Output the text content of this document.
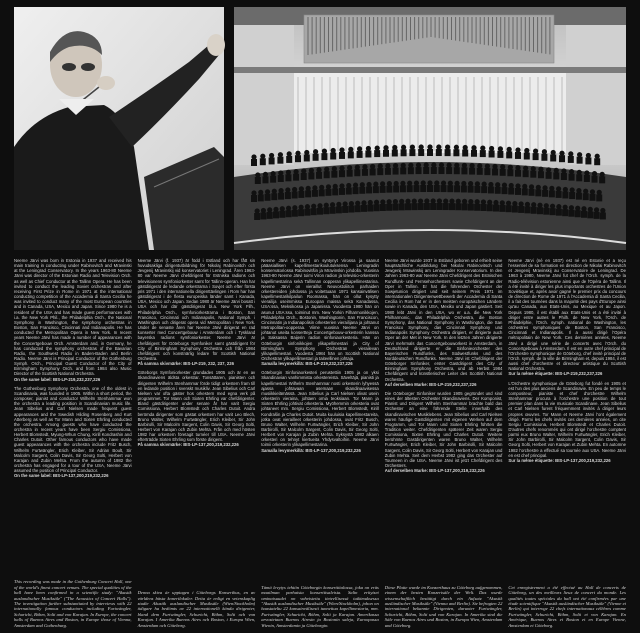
Neeme Järvi was born in Estonia in 1937 and received his main training in conducting under Rabinovitch and Mravinski at the Leningrad Conservatory. In the years 1963-80 Neeme Järvi was director of the Estonian Radio and Television Orch. as well as Chief Conductor at the Tallinn Opera. He has been invited to conduct the leading Soviet orchestras and after receiving First Prize in Rome in 1971 at the international conducting competition of the Accademia di Santa Cecilia he was invited to conduct many of the most European countries and in Canada, USA, Mexico and Japan. Since 1980 he is a resident of the USA and has made guest performances with i.a. the New York Phil., the Philadelphia Orch., the National Symphony in Washington, the symphony orchestras in Boston, San Francisco, Cincinnati and Indianapolis. He has conducted the Metropolitan Opera in New York. In recent years Neeme Järvi has made a number of appearances with the Concertgebouw Orch. Amsterdam and, in Germany, he has conducted the symphony orchestras of the Bavarian Radio, the Southwest Radio in Baden-Baden and Berlin Radio. Neeme Järvi is Principal Conductor of the Gothenburg Symph. Orch., Principal Guest Conductor of the City of Birmingham Symphony Orch. and from 1984 also Music Director of the Scottish National Orchestra.

On the same label: BIS-LP-219,232,237,226

The Gothenburg Symphony Orchestra, one of the oldest in Scandinavia, was founded in 1905. Within a short period, the composer, pianist and conductor Wilhelm Stenhammar won the orchestra a leading position in Scandinavian music life. Jean Sibelius and Carl Nielsen made frequent guest appearances and the Swedish Hilding Rosenberg and Kurt Atterberg as well as Tor Mann and Sixten Ehrling conducted the orchestra. Among guests who have conducted the orchestra in recent years have been Sergiu Comissiona, Herbert Blomstedt, Myung-Whun Chung, Kirill Kondrashin and Charles Dutoit. Other famous conductors who have made guest appearances with the orchestra include Fritz Busch, Wilhelm Furtwängler, Erich Kleiber, Sir Adrian Boult, Sir Malcolm Sargent, Colin Davis, Sir Georg Solti, Herbert von Karajan and Zubin Mehta. From the autumn of 1982 the orchestra has engaged for a tour of the USA, Neeme Järvi assumed the position of Principal Conductor.

On the same label: BIS-LP-137,200,219,232,226

This recording was made in the Gothenburg Concert Hall, one of the world's finest concert venues. The special qualities of the hall have been confirmed in a scientific study: "Akustik auslandischer Musiksäle" ("The Acoustics of Concert Halls"). The investigation further substantiated by interviews with 22 internationally famous conductors including Furtwängler, Schuricht, Böhm, Solti and von Karajan. In Europe, the concert halls of Buenos Aires and Boston, in Europe those of Vienna, Amsterdam and Gothenburg.

Neeme Järvi (f. 1937) är född i Estland och har fått sin huvudsakliga dirigentutbildning för Nikolaj Rabinovitch och Jevgenij Mravinskij vid konservatoriet i Leningrad. Åren 1963-80 var Neeme Järvi chefdirigent för Estniska radions och televisionens symfoniorkester samt för Tallinn-operan. Han har gästdirigerat de ledande orkestrarna i Sovjet och efter första pris 1971 i den internationella dirigenttävlingen i Rom har han gästdirigerat i de flesta europeiska länder samt i Kanada, USA, Mexico och Japan. Sedan 1980 är Neeme Järvi bosatt i USA och har där gästdirigerat bl.a. New York Filh., Philadelphia Orch., symfoniorkestrarna i Boston, San Francisco, Cincinnati och Indianapolis, National Symph. i Washington och dirigerat opera vid Metropolitan i New York. Under de senaste åren har Neeme Järvi dirigerat en rad konserter med Concertgebouw i Amsterdam och i Tyskland bayerska radions symfoniorkester. Neeme Järvi är chefdirigent för Göteborgs Symfoniker samt gästdirigent för City of Birmingham Symphony Orchestra och från 1984 chefdirigent och konstnärlig ledare för Scottish National Orchestra.

På samma skivmärke: BIS-LP-219, 232, 237, 226

Göteborgs Symfoniorkester grundades 1905 och är en av Skandinaviens äldsta orkestrar. Tonsättaren, pianisten och dirigenten Wilhelm Stenhammar förde tidigt orkestern fram till en ledande position i svenskt musikliv. Jean Sibelius och Carl Nielsen var ofta gäster hos orkestern med egna verk på programmet. Tor Mann och Sixten Ehrling var chefdirigenter. Bland gästdirigenter under senare år har varit Sergiu Comissiona, Herbert Blomstedt och Charles Dutoit. Andra berömda dirigenter som gästat orkestern har varit Leo Blech, Bruno Walter, Wilhelm Furtwängler, Erich Kleiber, Sir John Barbirolli, Sir Malcolm Sargent, Colin Davis, Sir Georg Solti, Herbert von Karajan och Zubin Mehta. Från och med hösten 1982 har orkestern företagit turnéer till USA. Neeme Järvi efterträdde Sixten Ehrling som förste dirigent.

På samma skivmärke: BIS-LP-137,200,219,232,226

Denna skiva är upptagen i Göteborgs Konserthus, en av världens bästa konertlokaler. Detta är enligt en vetenskaplig studie Akustik auslandischer Musiksäle (Wien/Stockholm) tidigare ha bedömts av 22 internationellt kända dirigenter, bland dem Furtwängler, Schuricht, Böhm, Solti och von Karajan. I Amerika Buenos Aires och Boston, i Europa Wien, Amsterdam och Göteborg.

Neeme Järvi (s. 1937) on syntynyt Virossa ja saanut pääasiallisen kapellimestarikoulutuksensa Leningradin konservatoriossa Rabinovitšin ja Mravinskin johdolla. Vuosina 1963-80 Neeme Järvi toimi Viron radion ja televisio-orkesterin kapellimestarina sekä Tallinnan oopperan ylikapellimestarina. Neeme Järvi on vieraillut Neuvostoliiton parhaiden orkestereiden johdossa ja voitettuaan 1971 kansainvälisen kapellimestarikilpailun Roomassa, hän on ollut kysytty vierailija useimmissa Euroopan maissa sekä Kanadassa, USA:ssa, Meksikossa ja Japanissa. Vuodesta 1980 hän on asunut USA:ssa, toiminut mm. New Yorkin Filharmonikkojen, Philadelphia Orch., Bostonin, Washingtonin, San Franciscon, Cincinnatin ja Indianapolisin orkesterien vierailijana ja johtanut Metropolitan-oopperaa. Viime vuosina Neeme Järvi on johtanut useita konsertteja Concertgebouw-orkesterin kanssa ja Saksassa Baijerin radion sinfoniaorkesteria. Hän on Göteborgin sinfonikkojen ylikapellimestari ja City of Birmingham Symphony Orchestran vierailevan ylikapellimestari. Vuodesta 1984 hän on Scottish National Orchestran ylikapellimestari ja taiteellinen johtaja.

Samalla levymerkillä: BIS-LP-219,232,237,226

Göteborgin Sinfoniaorkesteri perustettiin 1905 ja on yksi Skandinavian vanhimmista orkestereista. Säveltäjä, pianisti ja kapellimestari Wilhelm Stenhammar nosti orkesterin lyhyessä ajassa johtavaan asemaan skandinaavisessa musiikkielämässä. Jean Sibelius ja Carl Nielsen olivat usein orkesterin vieraina, johtaen omia teoksiaan. Tor Mann ja Sixten Ehrling johtivat orkesteria. Myöhemmin orkesteria ovat johtaneet mm. Sergiu Comissiona, Herbert Blomstedt, Kirill Kondrašin ja Charles Dutoit. Muita kuuluisia kapellimestareita, jotka ovat vierailleet orkesterin johdossa, ovat Fritz Busch, Bruno Walter, Wilhelm Furtwängler, Erich Kleiber, Sir John Barbirolli, Sir Malcolm Sargent, Colin Davis, Sir Georg Solti, Herbert von Karajan ja Zubin Mehta. Syksystä 1982 alkaen orkesteri on tehnyt kiertueita Yhdysvaltoihin. Neeme Järvi toimii orkesterin ylikapellimestarina.

Samalla levymerkillä: BIS-LP-137,200,219,232,226

Tämä levytys tehtiin Göteborgin konserttitalossa, joka on eräs maailman parhaista konserttisaleista. Salin erityiset ominaisuudet on vahvistettu tieteellisessä tutkimuksessa "Akustik auslandischer Musiksäle" (Wien/Stockholm), johon on haastateltu 22 kansainvälisesti tunnettua kapellimestaria, mm. Furtwängler, Schuricht, Böhm, Solti ja Karajan. Amerikassa arvostetaan Buenos Airesin ja Bostonin saleja, Euroopassa Wienin, Amsterdamin ja Göteborgin.

Neeme Järvi wurde 1937 in Estland geboren und erhielt seine hauptsächliche Ausbildung bei Nikolai Rabinovitsch und Jewgenij Mrawinskij am Leningrader Konservatorium. In den Jahren 1963-80 war Neeme Järvi Chefdirigent des Estnischen Rundfunk- und Fernsehorchesters sowie Chefdirigent an der Oper in Tallinn. Er hat die führenden Orchester der Sowjetunion dirigiert und seit seinem Preis 1971 im internationalen Dirigentenwettbewerb der Accademia di Santa Cecilia in Rom hat er in den meisten europäischen Ländern sowie in Kanada, den USA, Mexiko und Japan gastiert. Seit 1980 lebt Järvi in den USA, wo er u.a. die New York Philharmonic, das Philadelphia Orchestra, die Boston Symphony, das National Symphony in Washington, die San Francisco Symphony, das Cincinnati Symphony und Indianapolis Symphony Orchestra dirigiert, er dirigierte auch Oper an der Met in New York. In den letzten Jahren dirigierte Järvi mehrmals das Concertgebouworkest in Amsterdam, in Deutschland dirigierte er die Sinfonieorchester des Bayerischen Rundfunks, des Südwestfunks und des Norddeutschen Rundfunks. Neeme Järvi ist Chefdirigent der Göteborger Sinfoniker, erster Gastdirigent des City of Birmingham Symphony Orchestra, und ab Herbst 1984 Chefdirigent und künstlerischer Leiter des Scottish National Orchestra.

Auf derselben Marke: BIS-LP-219,232,237,226

Die Göteborger Sinfoniker wurden 1905 gegründet und sind eines der ältesten Orchester Skandinaviens. Der Komponist, Pianist und Dirigent Wilhelm Stenhammar brachte bald das Orchester an eine führende Stelle innerhalb des skandinavischen Musiklebens. Jean Sibelius und Carl Nielsen waren häufige Gastdirigenten mit eigenen Werken auf dem Programm, und Tor Mann und Sixten Ehrling führten die Tradition weiter. Chefdirigenten späterer Zeit waren Sergiu Comissiona, Sixten Ehrling und Charles Dutoit. Weitere berühmte Gastdirigenten waren Bruno Walter, Wilhelm Furtwängler, Erich Kleiber, Sir John Barbirolli, Sir Malcolm Sargent, Colin Davis, Sir Georg Solti, Herbert von Karajan und Zubin Mehta. Seit dem Herbst 1982 ging das Orchester auf Tourneen in die USA. Neeme Järvi ist jetzt Chefdirigent des Orchesters.

Auf derselben Marke: BIS-LP-137,200,219,232,226

Diese Platte wurde im Konzerthaus zu Göteborg aufgenommen, einem der besten Konzertsäle der Welt. Das wurde wissenschaftlich bestätigt durch ein Aufsatz "Akustik ausländischer Musiksäle" (Vienna and Berlin). Sie befragten 22 international bekannte Dirigenten, darunter Furtwängler, Schuricht, Böhm, Solti und von Karajan. In Amerika sind die Säle von Buenos Aires und Boston, in Europa Wien, Amsterdam und Göteborg.

Neeme Järvi (né en 1937) est né en Estonie et a reçu l'essentiel de sa formation en direction de Nikolai Rabinovitch et Jevgenij Mravinskij au Conservatoire de Leningrad. De 1963 à 1980, Neeme Järvi fut chef de l'Orch. symph. de la Radio-télévision estonienne ainsi que de l'Opéra de Tallinn. Il a été invité à diriger les plus importants orchestres de l'Union Soviétique et, après avoir gagné le premier prix du concours de direction de Rome de 1971 à l'Accademia di Santa Cecilia, il a fait des tournées dans la majorité des pays d'Europe ainsi qu'au Canada, aux Etats-Unis, au Mexique et au Japon. Depuis 1980, il est établi aux Etats-Unis et a été invité à diriger entre autres le Philh. de New York, l'Orch. de Philadelphie, l'Orch. symph. national de Washington, les orchestres symphoniques de Boston, San Francisco, Cincinnati et Indianapolis. Il a aussi dirigé l'Opéra métropolitain de New York. Ces dernières années, Neeme Järvi a dirigé une série de concerts avec l'Orch. du Concertgebouw à Amsterdam. Il est en outre chef principal de l'Orchestre symphonique de Göteborg, chef invité principal de l'Orch. symph. de la ville de Birmingham et, depuis 1984, il est aussi chef d'orchestre et directeur artistique du Scottish National Orchestra.

Sur la même étiquette: BIS-LP-219,232,237,226

L'Orchestre symphonique de Göteborg fut fondé en 1905 et est l'un des plus anciens de Scandinavie. En peu de temps le compositeur, pianiste et chef d'orchestre Wilhelm Stenhammar procura à l'orchestre une position de tout premier plan dans la vie musicale Scandinave. Jean Sibelius et Carl Nielsen furent fréquemment invités à diriger leurs propres œuvres. Tor Mann et Neeme Järvi l'ont également dirigé. Parmi les chefs invités ces dernières années, on cite Sergiu Comissiona, Herbert Blomstedt et Charles Dutoit. D'autres chefs renommés qui ont dirigé l'orchestre comptent parmi eux Bruno Walter, Wilhelm Furtwängler, Erich Kleiber, Sir John Barbirolli, Sir Malcolm Sargent, Colin Davis, Sir Georg Solti, Herbert von Karajan et Zubin Mehta. En automne 1982 l'orchestre a effectué sa tournée aux USA. Neeme Järvi en est chef principal.

Sur la même étiquette: BIS-LP-137,200,219,232,226

Cet enregistrement a été effectué au Hall de concerts de Göteborg, un des meilleurs lieux de concert du monde. Les qualités toutes spéciales du hall ont été confirmées par une étude scientifique "Akustik ausländischer Musiksäle" (Vienne et Berlin) qui interroge 22 chefs internationaux célèbres comme Furtwängler, Schuricht, Böhm, Solti et von Karajan. En Amérique, Buenos Aires et Boston et en Europe Vienne, Amsterdam et Göteborg.
